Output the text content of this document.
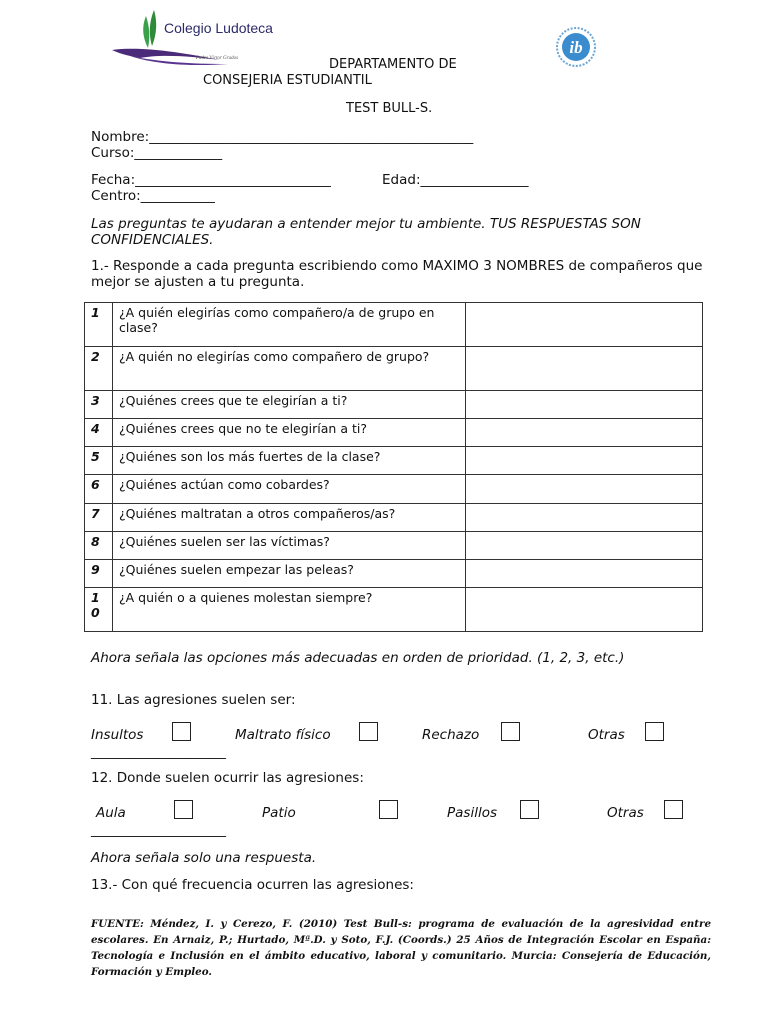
Colegio Ludoteca
Padre Víctor Grados
ib
DEPARTAMENTO DE
CONSEJERIA ESTUDIANTIL
TEST BULL-S.
Nombre:________________________________________________
Curso:_____________
Fecha:_____________________________	Edad:________________
Centro:___________
Las preguntas te ayudaran a entender mejor tu ambiente. TUS RESPUESTAS SON CONFIDENCIALES.
1.- Responde a cada pregunta escribiendo como MAXIMO 3 NOMBRES de compañeros que mejor se ajusten a tu pregunta.
1	¿A quién elegirías como compañero/a de grupo en clase?	
2	¿A quién no elegirías como compañero de grupo?	
3	¿Quiénes crees que te elegirían a ti?	
4	¿Quiénes crees que no te elegirían a ti?	
5	¿Quiénes son los más fuertes de la clase?	
6	¿Quiénes actúan como cobardes?	
7	¿Quiénes maltratan a otros compañeros/as?	
8	¿Quiénes suelen ser las víctimas?	
9	¿Quiénes suelen empezar las peleas?	
1 0	¿A quién o a quienes molestan siempre?	
Ahora señala las opciones más adecuadas en orden de prioridad. (1, 2, 3, etc.)
11. Las agresiones suelen ser:
Insultos	Maltrato físico	Rechazo	Otras
____________________
12. Donde suelen ocurrir las agresiones:
Aula	Patio	Pasillos	Otras
____________________
Ahora señala solo una respuesta.
13.- Con qué frecuencia ocurren las agresiones:
FUENTE: Méndez, I. y Cerezo, F. (2010) Test Bull-s: programa de evaluación de la agresividad entre escolares. En Arnaiz, P.; Hurtado, Mª.D. y Soto, F.J. (Coords.) 25 Años de Integración Escolar en España: Tecnología e Inclusión en el ámbito educativo, laboral y comunitario. Murcia: Consejería de Educación, Formación y Empleo.
